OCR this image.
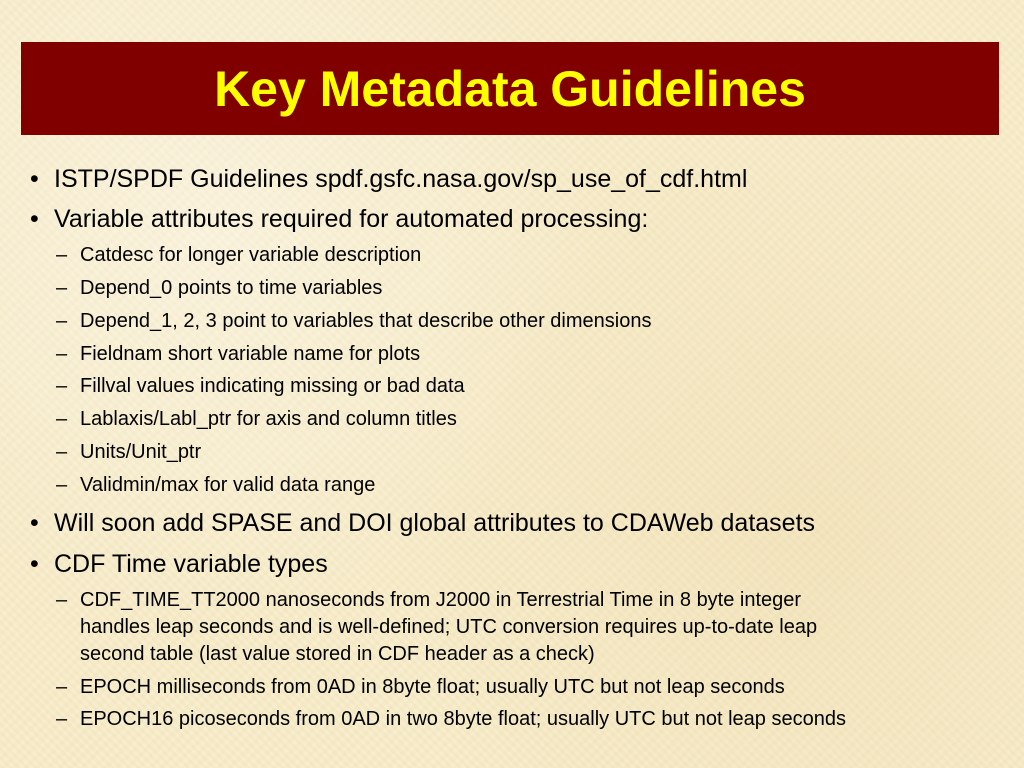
Key Metadata Guidelines
• ISTP/SPDF Guidelines spdf.gsfc.nasa.gov/sp_use_of_cdf.html
• Variable attributes required for automated processing:
– Catdesc for longer variable description
– Depend_0 points to time variables
– Depend_1, 2, 3 point to variables that describe other dimensions
– Fieldnam short variable name for plots
– Fillval values indicating missing or bad data
– Lablaxis/Labl_ptr for axis and column titles
– Units/Unit_ptr
– Validmin/max for valid data range
• Will soon add SPASE and DOI global attributes to CDAWeb datasets
• CDF Time variable types
– CDF_TIME_TT2000 nanoseconds from J2000 in Terrestrial Time in 8 byte integer
handles leap seconds and is well-defined; UTC conversion requires up-to-date leap
second table (last value stored in CDF header as a check)
– EPOCH milliseconds from 0AD in 8byte float; usually UTC but not leap seconds
– EPOCH16 picoseconds from 0AD in two 8byte float; usually UTC but not leap seconds
